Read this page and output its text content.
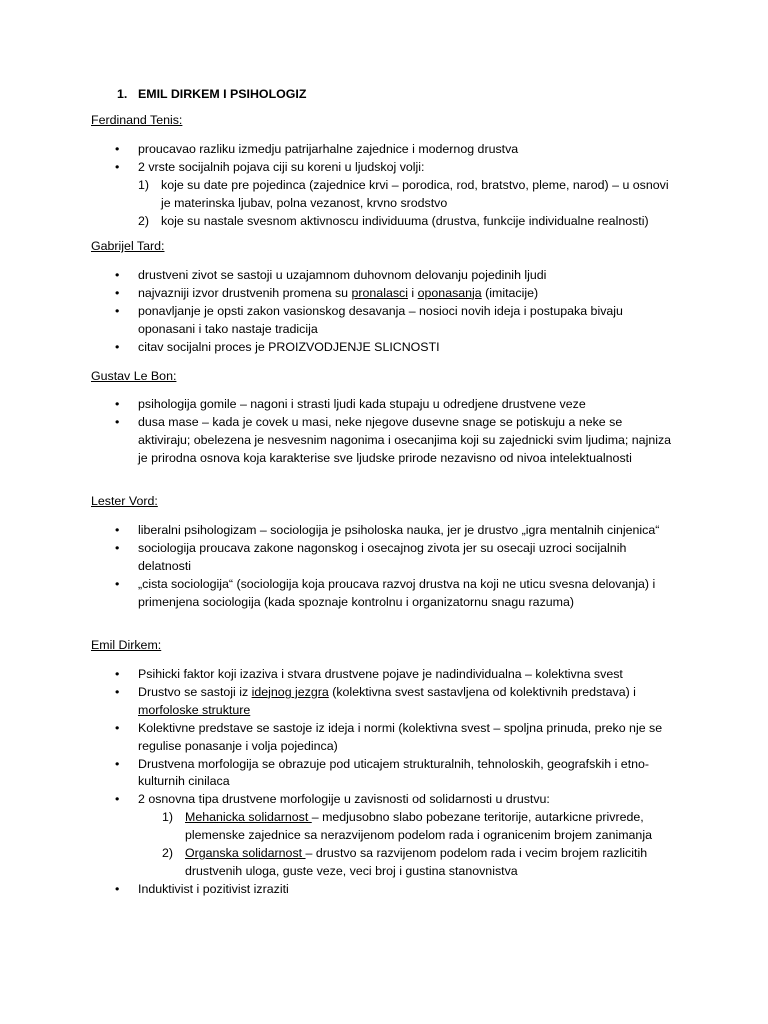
1. EMIL DIRKEM I PSIHOLOGIZ
Ferdinand Tenis:
• proucavao razliku izmedju patrijarhalne zajednice i modernog drustva
• 2 vrste socijalnih pojava ciji su koreni u ljudskoj volji:
1) koje su date pre pojedinca (zajednice krvi – porodica, rod, bratstvo, pleme, narod) – u osnovi je materinska ljubav, polna vezanost, krvno srodstvo
2) koje su nastale svesnom aktivnoscu individuuma (drustva, funkcije individualne realnosti)
Gabrijel Tard:
• drustveni zivot se sastoji u uzajamnom duhovnom delovanju pojedinih ljudi
• najvazniji izvor drustvenih promena su pronalasci i oponasanja (imitacije)
• ponavljanje je opsti zakon vasionskog desavanja – nosioci novih ideja i postupaka bivaju oponasani i tako nastaje tradicija
• citav socijalni proces je PROIZVODJENJE SLICNOSTI
Gustav Le Bon:
• psihologija gomile – nagoni i strasti ljudi kada stupaju u odredjene drustvene veze
• dusa mase – kada je covek u masi, neke njegove dusevne snage se potiskuju a neke se aktiviraju; obelezena je nesvesnim nagonima i osecanjima koji su zajednicki svim ljudima; najniza je prirodna osnova koja karakterise sve ljudske prirode nezavisno od nivoa intelektualnosti
Lester Vord:
• liberalni psihologizam – sociologija je psiholoska nauka, jer je drustvo „igra mentalnih cinjenica“
• sociologija proucava zakone nagonskog i osecajnog zivota jer su osecaji uzroci socijalnih delatnosti
• „cista sociologija“ (sociologija koja proucava razvoj drustva na koji ne uticu svesna delovanja) i primenjena sociologija (kada spoznaje kontrolnu i organizatornu snagu razuma)
Emil Dirkem:
• Psihicki faktor koji izaziva i stvara drustvene pojave je nadindividualna – kolektivna svest
• Drustvo se sastoji iz idejnog jezgra (kolektivna svest sastavljena od kolektivnih predstava) i morfoloske strukture
• Kolektivne predstave se sastoje iz ideja i normi (kolektivna svest – spoljna prinuda, preko nje se regulise ponasanje i volja pojedinca)
• Drustvena morfologija se obrazuje pod uticajem strukturalnih, tehnoloskih, geografskih i etno-kulturnih cinilaca
• 2 osnovna tipa drustvene morfologije u zavisnosti od solidarnosti u drustvu:
1) Mehanicka solidarnost – medjusobno slabo pobezane teritorije, autarkicne privrede, plemenske zajednice sa nerazvijenom podelom rada i ogranicenim brojem zanimanja
2) Organska solidarnost – drustvo sa razvijenom podelom rada i vecim brojem razlicitih drustvenih uloga, guste veze, veci broj i gustina stanovnistva
• Induktivist i pozitivist izraziti
